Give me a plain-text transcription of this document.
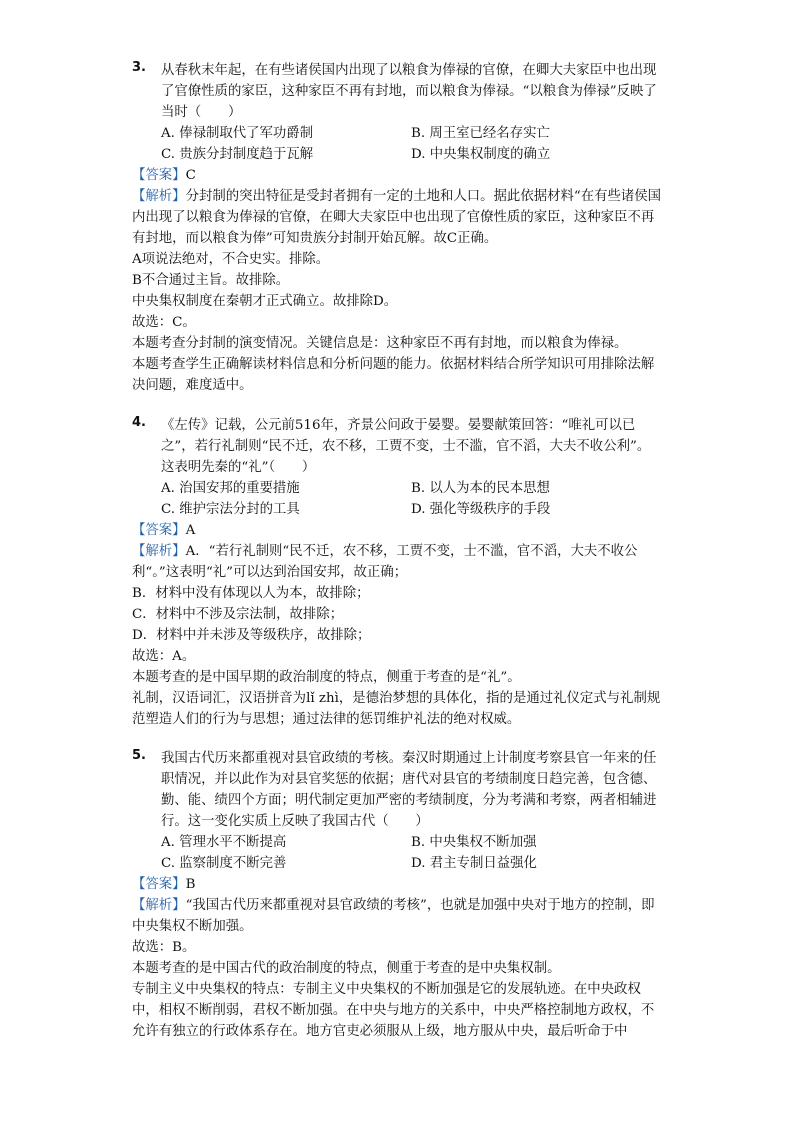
3. 从春秋末年起，在有些诸侯国内出现了以粮食为俸禄的官僚，在卿大夫家臣中也出现了官僚性质的家臣，这种家臣不再有封地，而以粮食为俸禄。“以粮食为俸禄”反映了当时（　　）

A. 俸禄制取代了军功爵制	B. 周王室已经名存实亡
C. 贵族分封制度趋于瓦解	D. 中央集权制度的确立

【答案】C

【解析】分封制的突出特征是受封者拥有一定的土地和人口。据此依据材料“在有些诸侯国内出现了以粮食为俸禄的官僚，在卿大夫家臣中也出现了官僚性质的家臣，这种家臣不再有封地，而以粮食为俸”可知贵族分封制开始瓦解。故C正确。

A项说法绝对，不合史实。排除。

B不合通过主旨。故排除。

中央集权制度在秦朝才正式确立。故排除D。

故选：C。

本题考查分封制的演变情况。关键信息是：这种家臣不再有封地，而以粮食为俸禄。

本题考查学生正确解读材料信息和分析问题的能力。依据材料结合所学知识可用排除法解决问题，难度适中。

4. 《左传》记载，公元前516年，齐景公问政于晏婴。晏婴献策回答：“唯礼可以已之”，若行礼制则“民不迁，农不移，工贾不变，士不滥，官不滔，大夫不收公利”。这表明先秦的“礼”（　　）

A. 治国安邦的重要措施	B. 以人为本的民本思想
C. 维护宗法分封的工具	D. 强化等级秩序的手段

【答案】A

【解析】A．“若行礼制则“民不迁，农不移，工贾不变，士不滥，官不滔，大夫不收公利“。”这表明“礼”可以达到治国安邦，故正确；

B．材料中没有体现以人为本，故排除；

C．材料中不涉及宗法制，故排除；

D．材料中并未涉及等级秩序，故排除；

故选：A。

本题考查的是中国早期的政治制度的特点，侧重于考查的是“礼”。

礼制，汉语词汇，汉语拼音为lǐ zhì，是德治梦想的具体化，指的是通过礼仪定式与礼制规范塑造人们的行为与思想；通过法律的惩罚维护礼法的绝对权威。

5. 我国古代历来都重视对县官政绩的考核。秦汉时期通过上计制度考察县官一年来的任职情况，并以此作为对县官奖惩的依据；唐代对县官的考绩制度日趋完善，包含德、勤、能、绩四个方面；明代制定更加严密的考绩制度，分为考满和考察，两者相辅进行。这一变化实质上反映了我国古代（　　）

A. 管理水平不断提高	B. 中央集权不断加强
C. 监察制度不断完善	D. 君主专制日益强化

【答案】B

【解析】“我国古代历来都重视对县官政绩的考核”，也就是加强中央对于地方的控制，即中央集权不断加强。

故选：B。

本题考查的是中国古代的政治制度的特点，侧重于考查的是中央集权制。

专制主义中央集权的特点：专制主义中央集权的不断加强是它的发展轨迹。在中央政权中，相权不断削弱，君权不断加强。在中央与地方的关系中，中央严格控制地方政权，不允许有独立的行政体系存在。地方官吏必须服从上级，地方服从中央，最后听命于中
